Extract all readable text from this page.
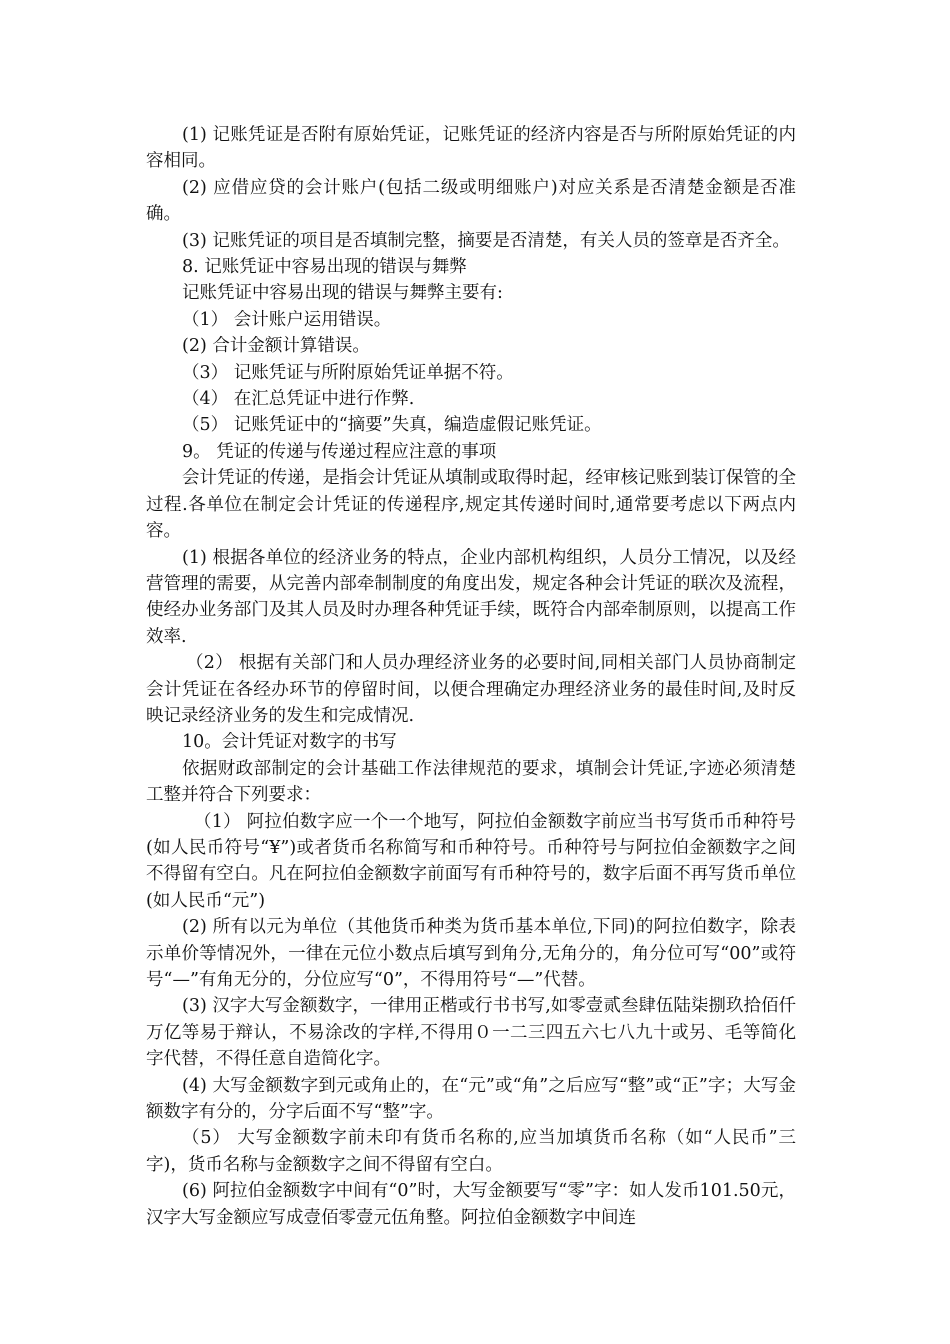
(1) 记账凭证是否附有原始凭证，记账凭证的经济内容是否与所附原始凭证的内容相同。

(2) 应借应贷的会计账户(包括二级或明细账户)对应关系是否清楚金额是否准确。

(3) 记账凭证的项目是否填制完整，摘要是否清楚，有关人员的签章是否齐全。

8. 记账凭证中容易出现的错误与舞弊

记账凭证中容易出现的错误与舞弊主要有:

（1） 会计账户运用错误。

(2) 合计金额计算错误。

（3） 记账凭证与所附原始凭证单据不符。

（4） 在汇总凭证中进行作弊.

（5） 记账凭证中的“摘要”失真，编造虚假记账凭证。

9。 凭证的传递与传递过程应注意的事项

会计凭证的传递，是指会计凭证从填制或取得时起，经审核记账到装订保管的全过程.各单位在制定会计凭证的传递程序,规定其传递时间时,通常要考虑以下两点内容。

(1) 根据各单位的经济业务的特点，企业内部机构组织，人员分工情况，以及经营管理的需要，从完善内部牵制制度的角度出发，规定各种会计凭证的联次及流程，使经办业务部门及其人员及时办理各种凭证手续，既符合内部牵制原则，以提高工作效率.

（2） 根据有关部门和人员办理经济业务的必要时间,同相关部门人员协商制定会计凭证在各经办环节的停留时间，以便合理确定办理经济业务的最佳时间,及时反映记录经济业务的发生和完成情况.

10。会计凭证对数字的书写

依据财政部制定的会计基础工作法律规范的要求，填制会计凭证,字迹必须清楚工整并符合下列要求：

（1） 阿拉伯数字应一个一个地写，阿拉伯金额数字前应当书写货币币种符号(如人民币符号“¥”)或者货币名称简写和币种符号。币种符号与阿拉伯金额数字之间不得留有空白。凡在阿拉伯金额数字前面写有币种符号的，数字后面不再写货币单位(如人民币“元”)

(2) 所有以元为单位（其他货币种类为货币基本单位,下同)的阿拉伯数字，除表示单价等情况外，一律在元位小数点后填写到角分,无角分的，角分位可写“00”或符号“—”有角无分的，分位应写“0”，不得用符号“—”代替。

(3) 汉字大写金额数字，一律用正楷或行书书写,如零壹贰叁肆伍陆柒捌玖拾佰仟万亿等易于辩认，不易涂改的字样,不得用０一二三四五六七八九十或另、毛等简化字代替，不得任意自造简化字。

(4) 大写金额数字到元或角止的，在“元”或“角”之后应写“整”或“正”字；大写金额数字有分的，分字后面不写“整”字。

（5） 大写金额数字前未印有货币名称的,应当加填货币名称（如“人民币”三字)，货币名称与金额数字之间不得留有空白。

(6) 阿拉伯金额数字中间有“0”时，大写金额要写“零”字：如人发币101.50元，汉字大写金额应写成壹佰零壹元伍角整。阿拉伯金额数字中间连
